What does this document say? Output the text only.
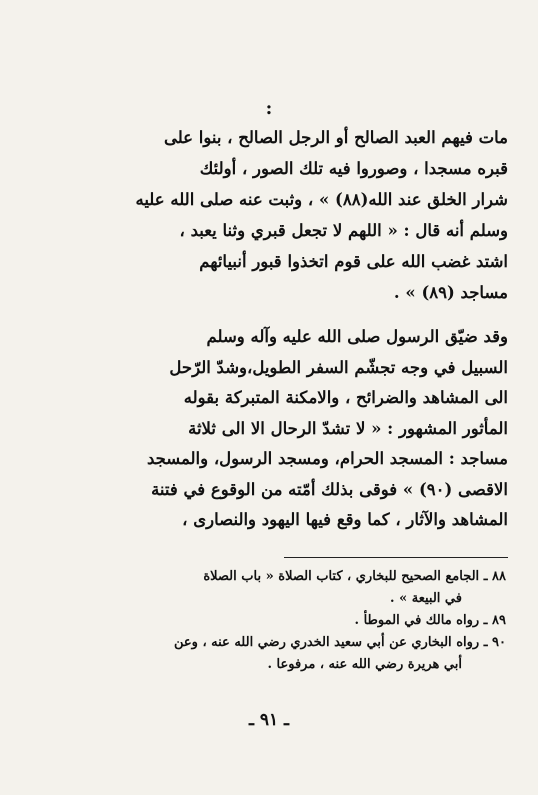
:
مات فيهم العبد الصالح أو الرجل الصالح ، بنوا على
قبره مسجدا ، وصوروا فيه تلك الصور ، أولئك
شرار الخلق عند الله(٨٨) » ، وثبت عنه صلى الله عليه
وسلم أنه قال : « اللهم لا تجعل قبري وثنا يعبد ،
اشتد غضب الله على قوم اتخذوا قبور أنبيائهم
مساجد (٨٩) » .
وقد ضيّق الرسول صلى الله عليه وآله وسلم
السبيل في وجه تجشّم السفر الطويل،وشدّ الرّحل
الى المشاهد والضرائح ، والامكنة المتبركة بقوله
المأثور المشهور : « لا تشدّ الرحال الا الى ثلاثة
مساجد : المسجد الحرام، ومسجد الرسول، والمسجد
الاقصى (٩٠) » فوقى بذلك أمّته من الوقوع في فتنة
المشاهد والآثار ، كما وقع فيها اليهود والنصارى ،
٨٨ ـ الجامع الصحيح للبخاري ، كتاب الصلاة « باب الصلاة
في البيعة » .
٨٩ ـ رواه مالك في الموطأ .
٩٠ ـ رواه البخاري عن أبي سعيد الخدري رضي الله عنه ، وعن
أبي هريرة رضي الله عنه ، مرفوعا .
ـ ٩١ ـ
